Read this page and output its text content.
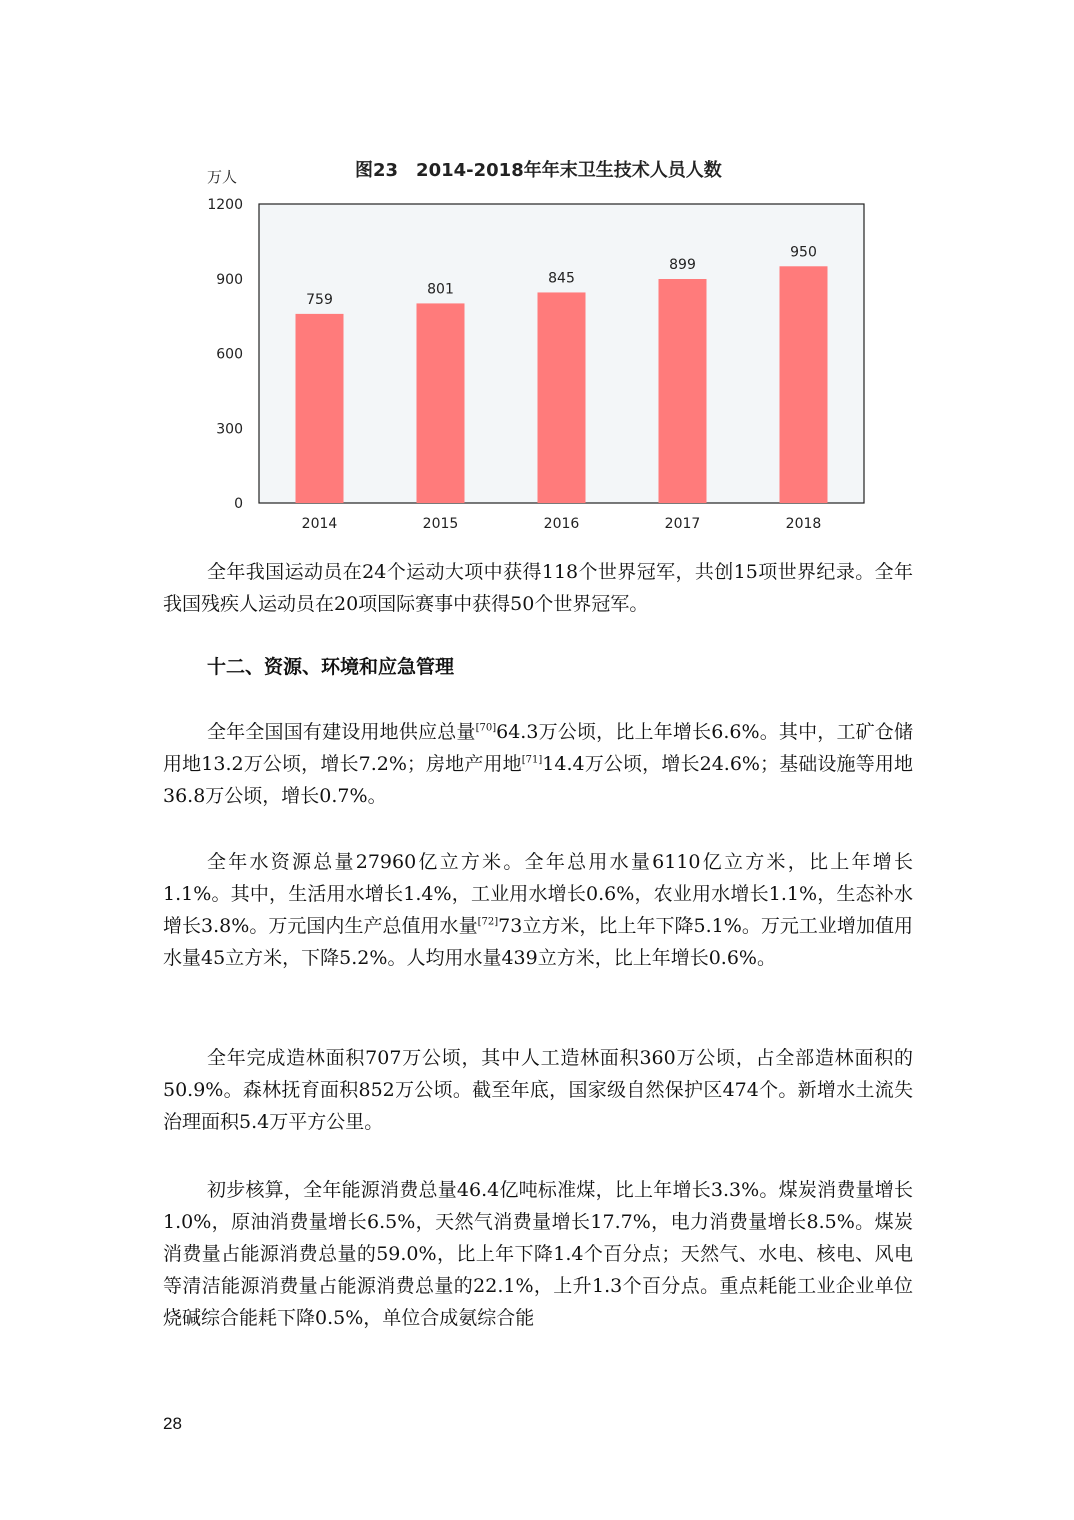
图23　2014-2018年年末卫生技术人员人数
万人
0
300
600
900
1200
759
2014
801
2015
845
2016
899
2017
950
2018

全年我国运动员在24个运动大项中获得118个世界冠军，共创15项世界纪录。全年我国残疾人运动员在20项国际赛事中获得50个世界冠军。

十二、资源、环境和应急管理

全年全国国有建设用地供应总量[70]64.3万公顷，比上年增长6.6%。其中，工矿仓储用地13.2万公顷，增长7.2%；房地产用地[71]14.4万公顷，增长24.6%；基础设施等用地36.8万公顷，增长0.7%。

全年水资源总量27960亿立方米。全年总用水量6110亿立方米，比上年增长1.1%。其中，生活用水增长1.4%，工业用水增长0.6%，农业用水增长1.1%，生态补水增长3.8%。万元国内生产总值用水量[72]73立方米，比上年下降5.1%。万元工业增加值用水量45立方米，下降5.2%。人均用水量439立方米，比上年增长0.6%。

全年完成造林面积707万公顷，其中人工造林面积360万公顷，占全部造林面积的50.9%。森林抚育面积852万公顷。截至年底，国家级自然保护区474个。新增水土流失治理面积5.4万平方公里。

初步核算，全年能源消费总量46.4亿吨标准煤，比上年增长3.3%。煤炭消费量增长1.0%，原油消费量增长6.5%，天然气消费量增长17.7%，电力消费量增长8.5%。煤炭消费量占能源消费总量的59.0%，比上年下降1.4个百分点；天然气、水电、核电、风电等清洁能源消费量占能源消费总量的22.1%，上升1.3个百分点。重点耗能工业企业单位烧碱综合能耗下降0.5%，单位合成氨综合能

28
